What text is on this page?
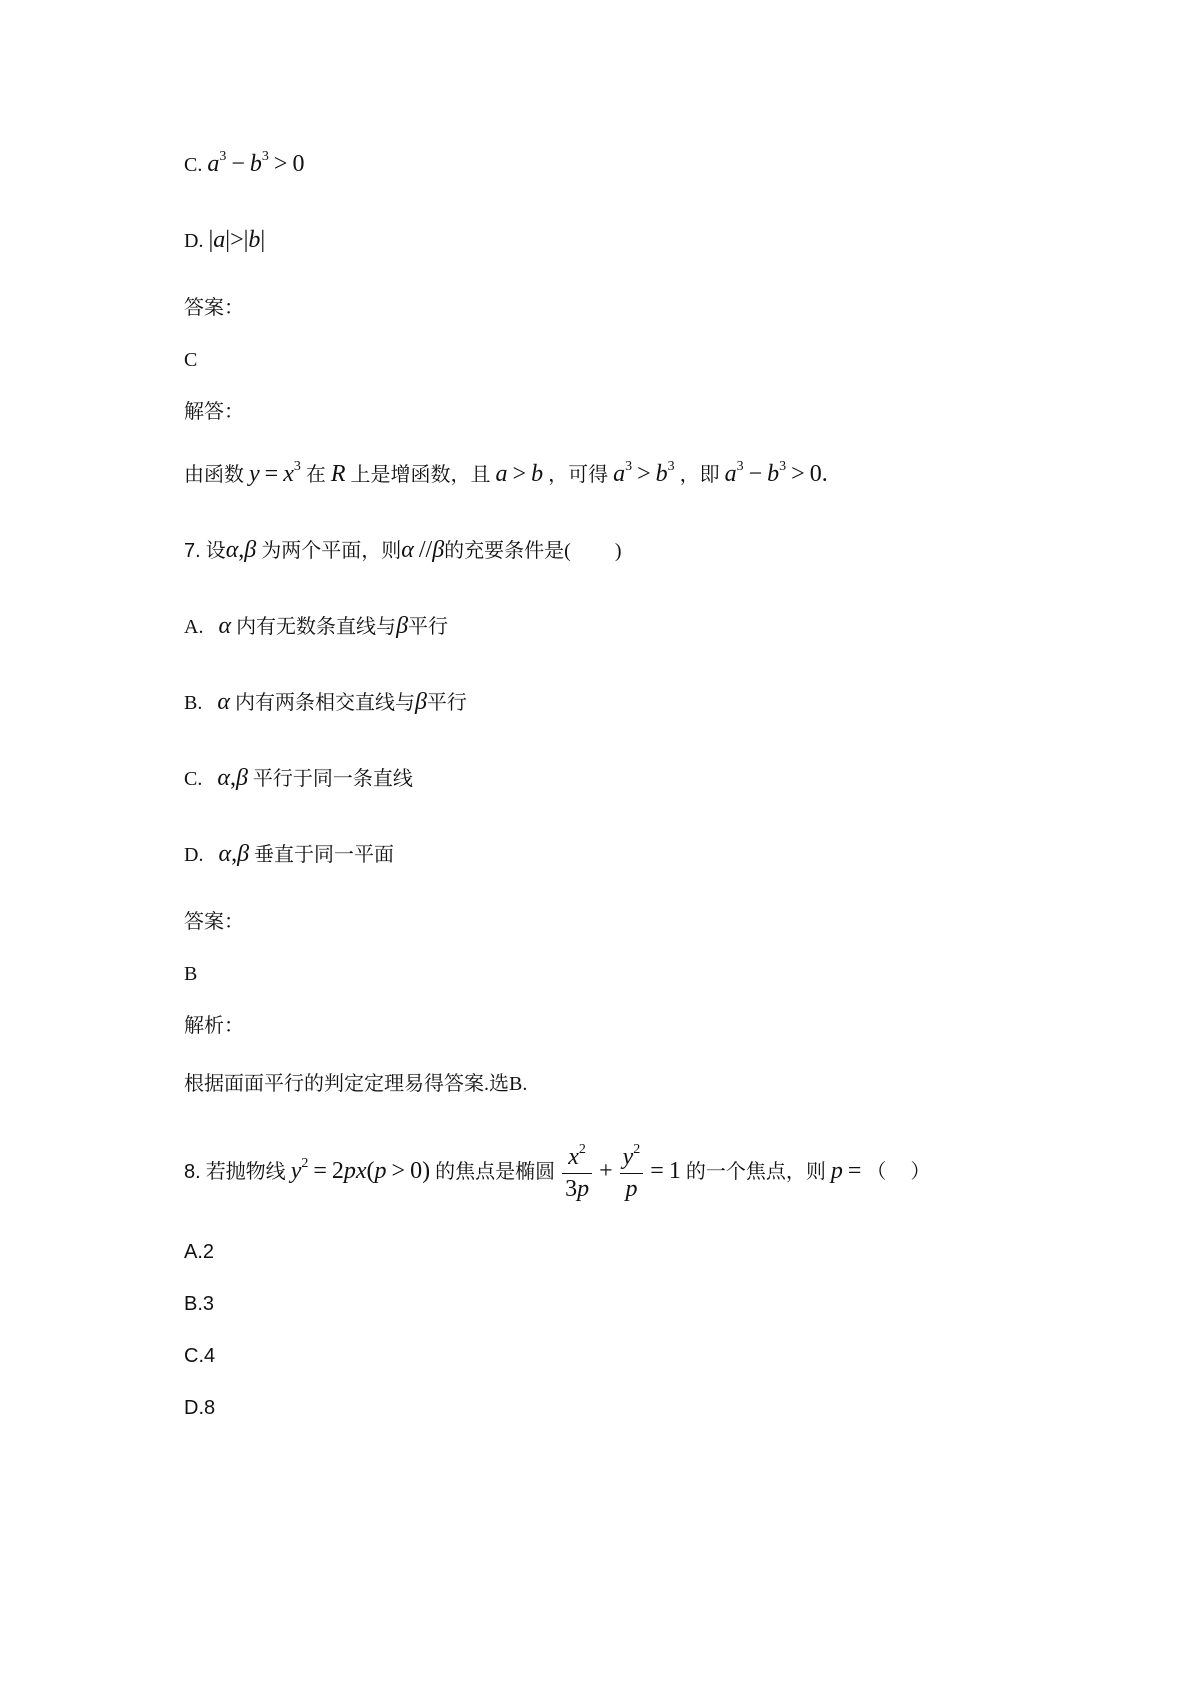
C. $a^3 - b^3 > 0$
D. |a|>|b|
答案：
C
解答：
由函数 $y = x^3$ 在 R 上是增函数，且 a > b ，可得 $a^3 > b^3$ ，即 $a^3 - b^3 > 0$.
7. 设α,β 为两个平面，则α //β的充要条件是( )
A. α 内有无数条直线与β平行
B. α 内有两条相交直线与β平行
C. α,β 平行于同一条直线
D. α,β 垂直于同一平面
答案：
B
解析：
根据面面平行的判定定理易得答案.选B.
8. 若抛物线 $y^2 = 2px(p > 0)$ 的焦点是椭圆 $\frac{x^2}{3p} + \frac{y^2}{p} = 1$ 的一个焦点，则 p = （ ）
A.2
B.3
C.4
D.8
